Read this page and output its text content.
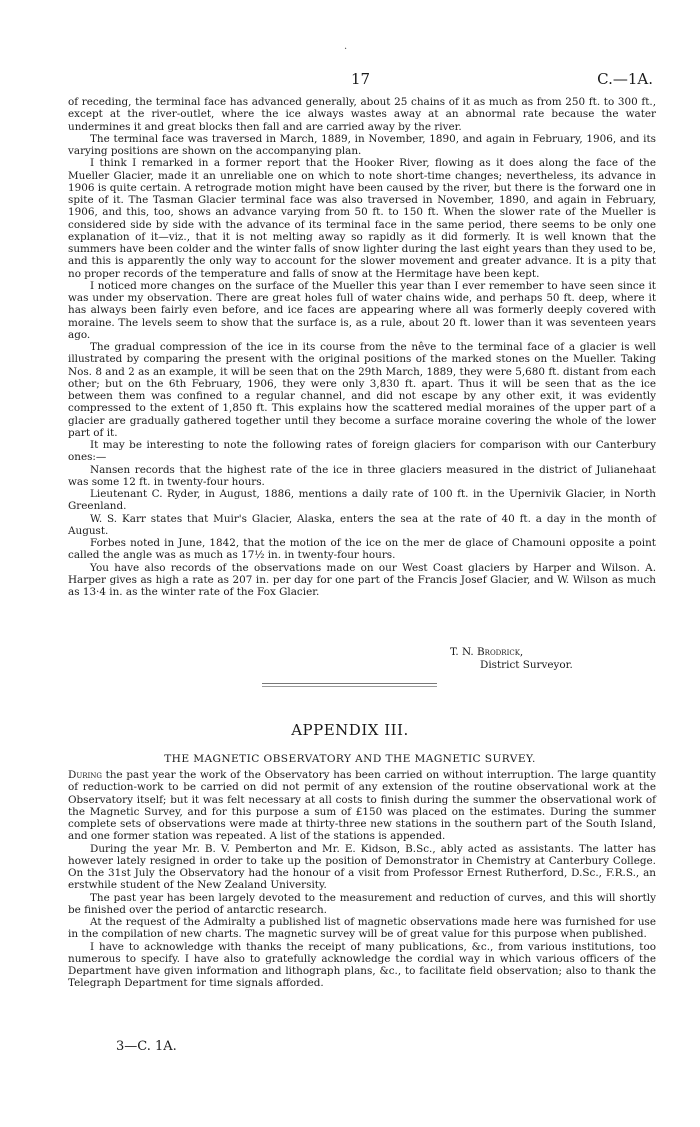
·
17	C.—1A.

of receding, the terminal face has advanced generally, about 25 chains of it as much as from 250 ft. to 300 ft., except at the river-outlet, where the ice always wastes away at an abnormal rate because the water undermines it and great blocks then fall and are carried away by the river.

The terminal face was traversed in March, 1889, in November, 1890, and again in February, 1906, and its varying positions are shown on the accompanying plan.

I think I remarked in a former report that the Hooker River, flowing as it does along the face of the Mueller Glacier, made it an unreliable one on which to note short-time changes; nevertheless, its advance in 1906 is quite certain. A retrograde motion might have been caused by the river, but there is the forward one in spite of it. The Tasman Glacier terminal face was also traversed in November, 1890, and again in February, 1906, and this, too, shows an advance varying from 50 ft. to 150 ft. When the slower rate of the Mueller is considered side by side with the advance of its terminal face in the same period, there seems to be only one explanation of it—viz., that it is not melting away so rapidly as it did formerly. It is well known that the summers have been colder and the winter falls of snow lighter during the last eight years than they used to be, and this is apparently the only way to account for the slower movement and greater advance. It is a pity that no proper records of the temperature and falls of snow at the Hermitage have been kept.

I noticed more changes on the surface of the Mueller this year than I ever remember to have seen since it was under my observation. There are great holes full of water chains wide, and perhaps 50 ft. deep, where it has always been fairly even before, and ice faces are appearing where all was formerly deeply covered with moraine. The levels seem to show that the surface is, as a rule, about 20 ft. lower than it was seventeen years ago.

The gradual compression of the ice in its course from the nêve to the terminal face of a glacier is well illustrated by comparing the present with the original positions of the marked stones on the Mueller. Taking Nos. 8 and 2 as an example, it will be seen that on the 29th March, 1889, they were 5,680 ft. distant from each other; but on the 6th February, 1906, they were only 3,830 ft. apart. Thus it will be seen that as the ice between them was confined to a regular channel, and did not escape by any other exit, it was evidently compressed to the extent of 1,850 ft. This explains how the scattered medial moraines of the upper part of a glacier are gradually gathered together until they become a surface moraine covering the whole of the lower part of it.

It may be interesting to note the following rates of foreign glaciers for comparison with our Canterbury ones:—

Nansen records that the highest rate of the ice in three glaciers measured in the district of Julianehaat was some 12 ft. in twenty-four hours.

Lieutenant C. Ryder, in August, 1886, mentions a daily rate of 100 ft. in the Upernivik Glacier, in North Greenland.

W. S. Karr states that Muir's Glacier, Alaska, enters the sea at the rate of 40 ft. a day in the month of August.

Forbes noted in June, 1842, that the motion of the ice on the mer de glace of Chamouni opposite a point called the angle was as much as 17½ in. in twenty-four hours.

You have also records of the observations made on our West Coast glaciers by Harper and Wilson. A. Harper gives as high a rate as 207 in. per day for one part of the Francis Josef Glacier, and W. Wilson as much as 13·4 in. as the winter rate of the Fox Glacier.

T. N. Brodrick,
District Surveyor.
APPENDIX III.
THE MAGNETIC OBSERVATORY AND THE MAGNETIC SURVEY.

During the past year the work of the Observatory has been carried on without interruption. The large quantity of reduction-work to be carried on did not permit of any extension of the routine observational work at the Observatory itself; but it was felt necessary at all costs to finish during the summer the observational work of the Magnetic Survey, and for this purpose a sum of £150 was placed on the estimates. During the summer complete sets of observations were made at thirty-three new stations in the southern part of the South Island, and one former station was repeated. A list of the stations is appended.

During the year Mr. B. V. Pemberton and Mr. E. Kidson, B.Sc., ably acted as assistants. The latter has however lately resigned in order to take up the position of Demonstrator in Chemistry at Canterbury College. On the 31st July the Observatory had the honour of a visit from Professor Ernest Rutherford, D.Sc., F.R.S., an erstwhile student of the New Zealand University.

The past year has been largely devoted to the measurement and reduction of curves, and this will shortly be finished over the period of antarctic research.

At the request of the Admiralty a published list of magnetic observations made here was furnished for use in the compilation of new charts. The magnetic survey will be of great value for this purpose when published.

I have to acknowledge with thanks the receipt of many publications, &c., from various institutions, too numerous to specify. I have also to gratefully acknowledge the cordial way in which various officers of the Department have given information and lithograph plans, &c., to facilitate field observation; also to thank the Telegraph Department for time signals afforded.

3—C. 1A.
